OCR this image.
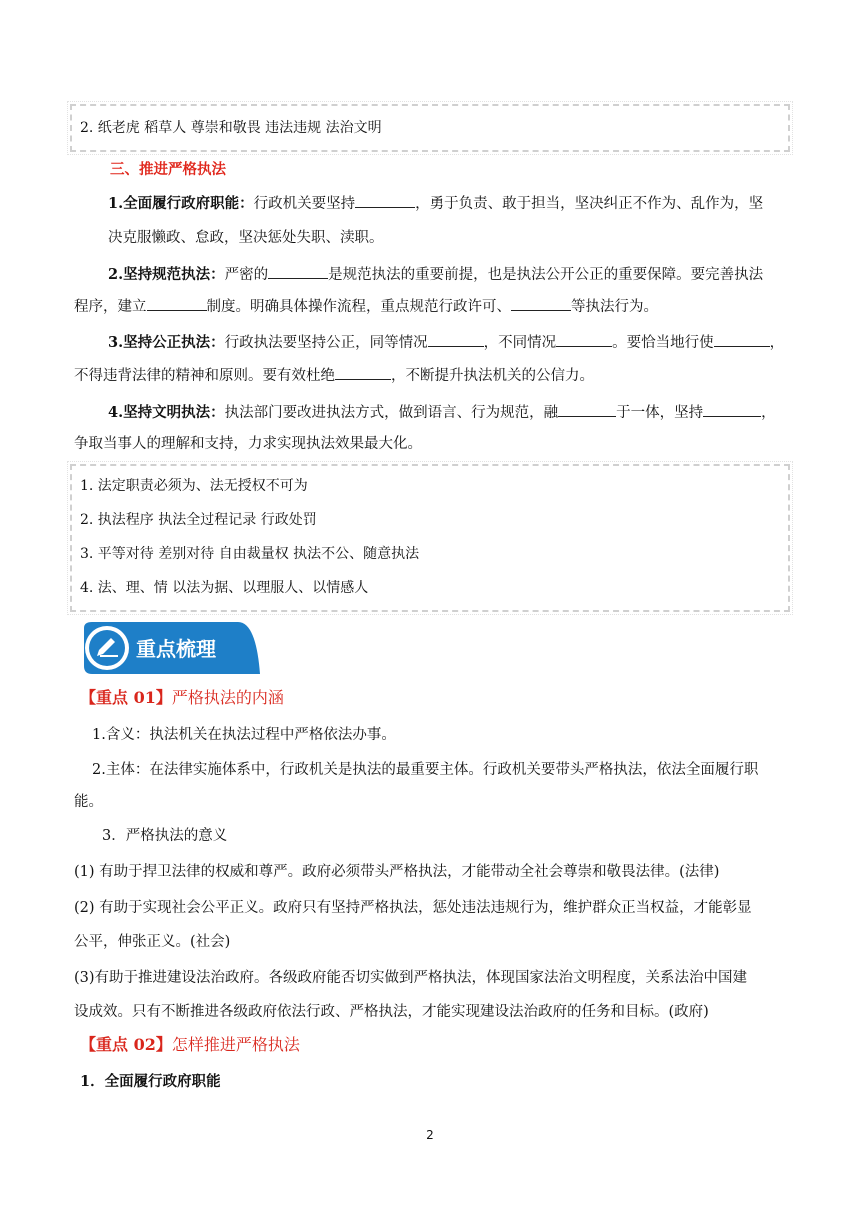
2. 纸老虎 稻草人 尊崇和敬畏 违法违规 法治文明
三、推进严格执法
1.全面履行政府职能：行政机关要坚持	，勇于负责、敢于担当，坚决纠正不作为、乱作为，坚
决克服懒政、怠政，坚决惩处失职、渎职。
2.坚持规范执法：严密的	是规范执法的重要前提，也是执法公开公正的重要保障。要完善执法
程序，建立	制度。明确具体操作流程，重点规范行政许可、	等执法行为。
3.坚持公正执法：行政执法要坚持公正，同等情况	，不同情况	。要恰当地行使	，
不得违背法律的精神和原则。要有效杜绝	，不断提升执法机关的公信力。
4.坚持文明执法：执法部门要改进执法方式，做到语言、行为规范，融	于一体，坚持	，
争取当事人的理解和支持，力求实现执法效果最大化。
1. 法定职责必须为、法无授权不可为
2. 执法程序 执法全过程记录 行政处罚
3. 平等对待 差别对待 自由裁量权 执法不公、随意执法
4. 法、理、情 以法为据、以理服人、以情感人
重点梳理
【重点 01】严格执法的内涵
1.含义：执法机关在执法过程中严格依法办事。
2.主体：在法律实施体系中，行政机关是执法的最重要主体。行政机关要带头严格执法，依法全面履行职
能。
3．严格执法的意义
(1) 有助于捍卫法律的权威和尊严。政府必须带头严格执法，才能带动全社会尊崇和敬畏法律。(法律)
(2) 有助于实现社会公平正义。政府只有坚持严格执法，惩处违法违规行为，维护群众正当权益，才能彰显
公平，伸张正义。(社会)
(3)有助于推进建设法治政府。各级政府能否切实做到严格执法，体现国家法治文明程度，关系法治中国建
设成效。只有不断推进各级政府依法行政、严格执法，才能实现建设法治政府的任务和目标。(政府)
【重点 02】怎样推进严格执法
1．全面履行政府职能
2
